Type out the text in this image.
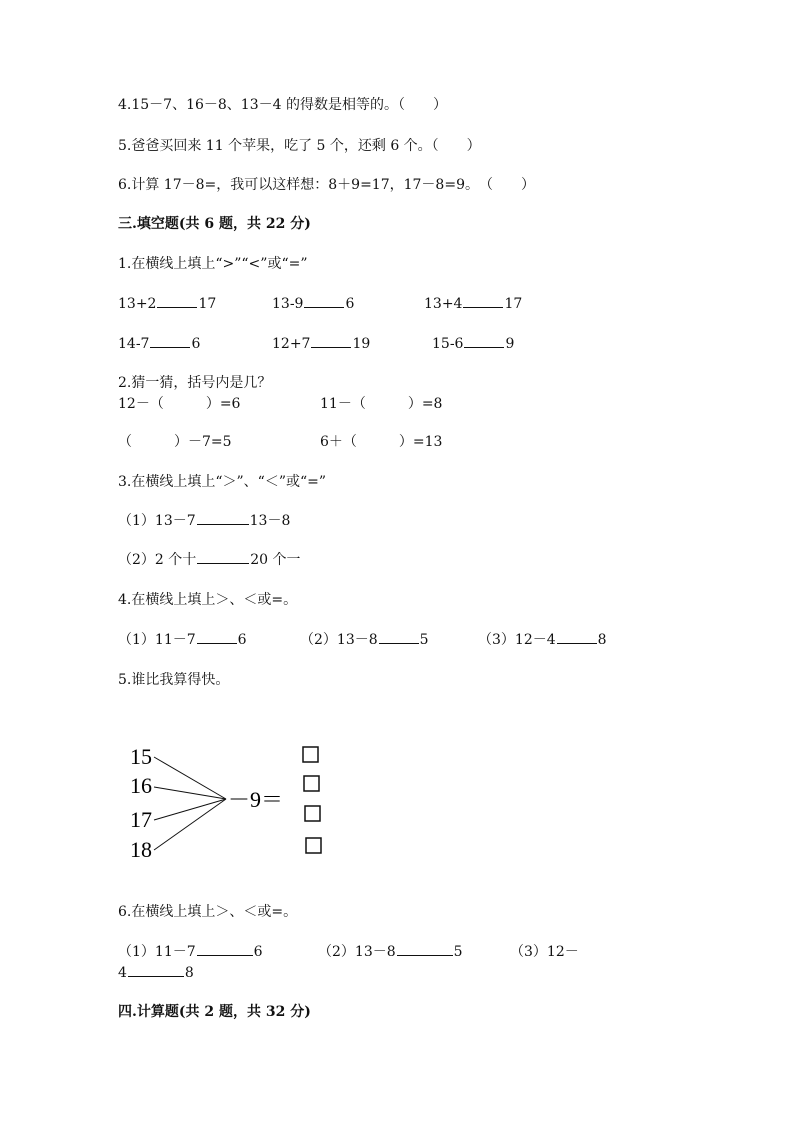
4.15－7、16－8、13－4 的得数是相等的。（　　）
5.爸爸买回来 11 个苹果，吃了 5 个，还剩 6 个。（　　）
6.计算 17－8=，我可以这样想：8＋9=17，17－8=9。　（　　）
三.填空题(共 6 题，共 22 分)
1.在横线上填上“>”“<”或“=”
13+2	17	13-9	6	13+4	17
14-7	6	12+7	19	15-6	9
2.猜一猜，括号内是几？
12－（　　　）=6	11－（　　　）=8
（　　　）－7=5	6＋（　　　）=13
3.在横线上填上“＞”、“＜”或“=”
（1）13－7	13－8
（2）2 个十	20 个一
4.在横线上填上＞、＜或=。
（1）11－7	6	（2）13－8	5	（3）12－4	8
5.谁比我算得快。
15
16
17
18
－9＝
6.在横线上填上＞、＜或=。
（1）11－7	6	（2）13－8	5	（3）12－
4	8
四.计算题(共 2 题，共 32 分)
